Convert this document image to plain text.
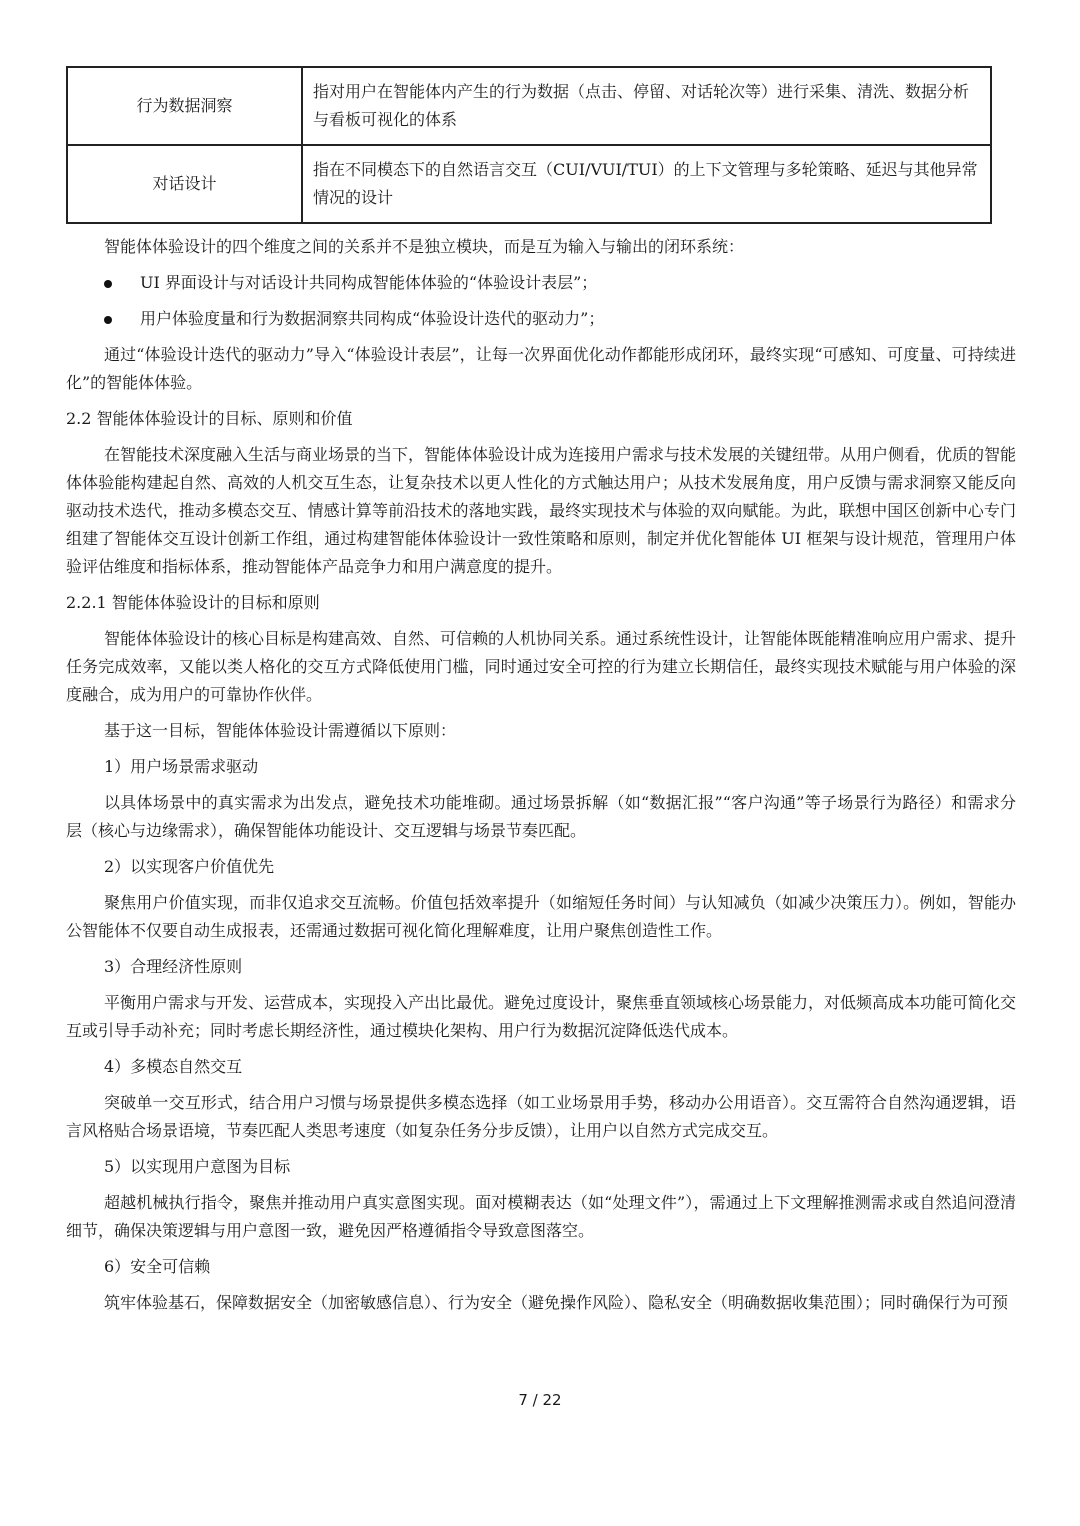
行为数据洞察	指对用户在智能体内产生的行为数据（点击、停留、对话轮次等）进行采集、清洗、数据分析与看板可视化的体系
对话设计	指在不同模态下的自然语言交互（CUI/VUI/TUI）的上下文管理与多轮策略、延迟与其他异常情况的设计

智能体体验设计的四个维度之间的关系并不是独立模块，而是互为输入与输出的闭环系统：

UI 界面设计与对话设计共同构成智能体体验的“体验设计表层”；
用户体验度量和行为数据洞察共同构成“体验设计迭代的驱动力”；

通过“体验设计迭代的驱动力”导入“体验设计表层”，让每一次界面优化动作都能形成闭环，最终实现“可感知、可度量、可持续进化”的智能体体验。

2.2 智能体体验设计的目标、原则和价值

在智能技术深度融入生活与商业场景的当下，智能体体验设计成为连接用户需求与技术发展的关键纽带。从用户侧看，优质的智能体体验能构建起自然、高效的人机交互生态，让复杂技术以更人性化的方式触达用户；从技术发展角度，用户反馈与需求洞察又能反向驱动技术迭代，推动多模态交互、情感计算等前沿技术的落地实践，最终实现技术与体验的双向赋能。为此，联想中国区创新中心专门组建了智能体交互设计创新工作组，通过构建智能体体验设计一致性策略和原则，制定并优化智能体 UI 框架与设计规范，管理用户体验评估维度和指标体系，推动智能体产品竞争力和用户满意度的提升。

2.2.1 智能体体验设计的目标和原则

智能体体验设计的核心目标是构建高效、自然、可信赖的人机协同关系。通过系统性设计，让智能体既能精准响应用户需求、提升任务完成效率，又能以类人格化的交互方式降低使用门槛，同时通过安全可控的行为建立长期信任，最终实现技术赋能与用户体验的深度融合，成为用户的可靠协作伙伴。

基于这一目标，智能体体验设计需遵循以下原则：

1）用户场景需求驱动

以具体场景中的真实需求为出发点，避免技术功能堆砌。通过场景拆解（如“数据汇报”“客户沟通”等子场景行为路径）和需求分层（核心与边缘需求），确保智能体功能设计、交互逻辑与场景节奏匹配。

2）以实现客户价值优先

聚焦用户价值实现，而非仅追求交互流畅。价值包括效率提升（如缩短任务时间）与认知减负（如减少决策压力）。例如，智能办公智能体不仅要自动生成报表，还需通过数据可视化简化理解难度，让用户聚焦创造性工作。

3）合理经济性原则

平衡用户需求与开发、运营成本，实现投入产出比最优。避免过度设计，聚焦垂直领域核心场景能力，对低频高成本功能可简化交互或引导手动补充；同时考虑长期经济性，通过模块化架构、用户行为数据沉淀降低迭代成本。

4）多模态自然交互

突破单一交互形式，结合用户习惯与场景提供多模态选择（如工业场景用手势，移动办公用语音）。交互需符合自然沟通逻辑，语言风格贴合场景语境，节奏匹配人类思考速度（如复杂任务分步反馈），让用户以自然方式完成交互。

5）以实现用户意图为目标

超越机械执行指令，聚焦并推动用户真实意图实现。面对模糊表达（如“处理文件”），需通过上下文理解推测需求或自然追问澄清细节，确保决策逻辑与用户意图一致，避免因严格遵循指令导致意图落空。

6）安全可信赖

筑牢体验基石，保障数据安全（加密敏感信息）、行为安全（避免操作风险）、隐私安全（明确数据收集范围）；同时确保行为可预

7 / 22
